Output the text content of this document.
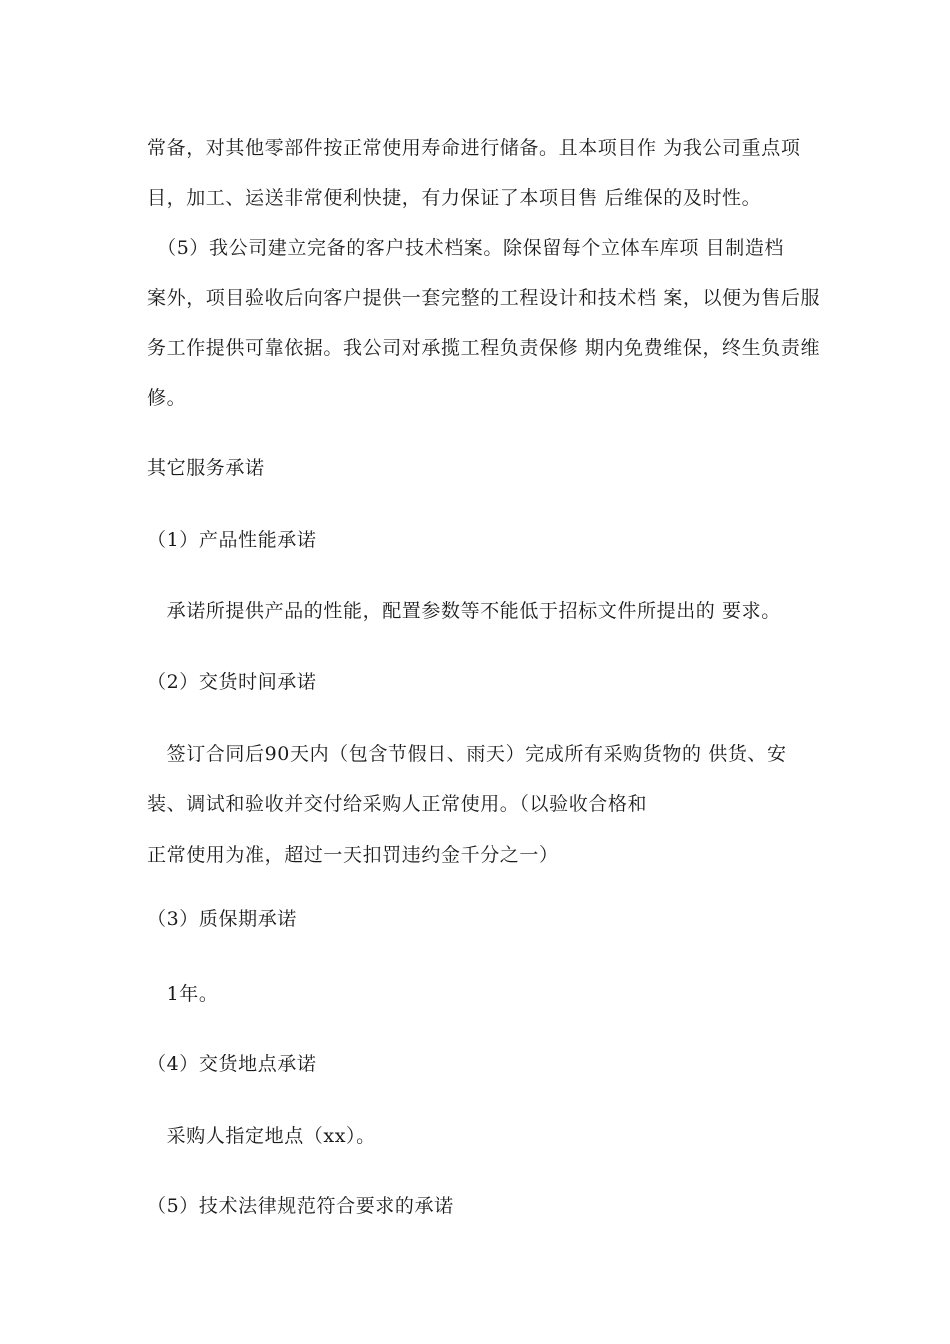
常备，对其他零部件按正常使用寿命进行储备。且本项目作 为我公司重点项
目，加工、运送非常便利快捷，有力保证了本项目售 后维保的及时性。
　（5）我公司建立完备的客户技术档案。除保留每个立体车库项 目制造档
案外，项目验收后向客户提供一套完整的工程设计和技术档 案，以便为售后服
务工作提供可靠依据。我公司对承揽工程负责保修 期内免费维保，终生负责维
修。
其它服务承诺
（1）产品性能承诺
　承诺所提供产品的性能，配置参数等不能低于招标文件所提出的 要求。
（2）交货时间承诺
　签订合同后90天内（包含节假日、雨天）完成所有采购货物的 供货、安
装、调试和验收并交付给采购人正常使用。（以验收合格和
正常使用为准，超过一天扣罚违约金千分之一）
（3）质保期承诺
　1年。
（4）交货地点承诺
　采购人指定地点（xx）。
（5）技术法律规范符合要求的承诺
